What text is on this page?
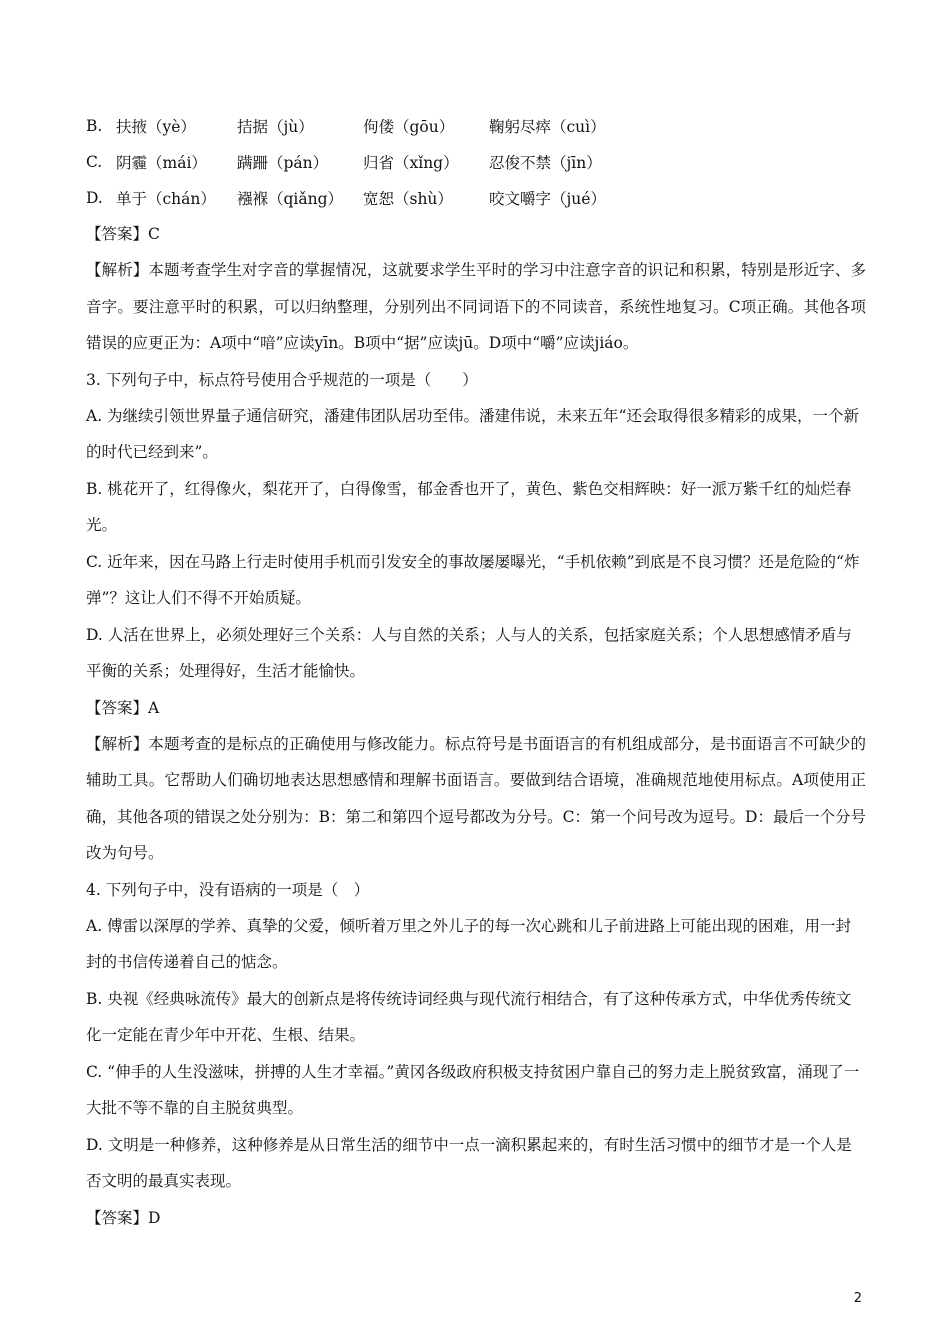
B. 扶掖（yè）	拮据（jù）	佝偻（gōu）	鞠躬尽瘁（cuì）
C. 阴霾（mái）	蹒跚（pán）	归省（xǐng）	忍俊不禁（jīn）
D. 单于（chán）	襁褓（qiǎng）	宽恕（shù）	咬文嚼字（jué）
【答案】C
【解析】本题考查学生对字音的掌握情况，这就要求学生平时的学习中注意字音的识记和积累，特别是形近字、多音字。要注意平时的积累，可以归纳整理，分别列出不同词语下的不同读音，系统性地复习。C项正确。其他各项错误的应更正为：A项中“喑”应读yīn。B项中“据”应读jū。D项中“嚼”应读jiáo。
3. 下列句子中，标点符号使用合乎规范的一项是（　　）
A. 为继续引领世界量子通信研究，潘建伟团队居功至伟。潘建伟说，未来五年“还会取得很多精彩的成果，一个新的时代已经到来”。
B. 桃花开了，红得像火，梨花开了，白得像雪，郁金香也开了，黄色、紫色交相辉映：好一派万紫千红的灿烂春光。
C. 近年来，因在马路上行走时使用手机而引发安全的事故屡屡曝光，“手机依赖”到底是不良习惯？还是危险的“炸弹”？这让人们不得不开始质疑。
D. 人活在世界上，必须处理好三个关系：人与自然的关系；人与人的关系，包括家庭关系；个人思想感情矛盾与平衡的关系；处理得好，生活才能愉快。
【答案】A
【解析】本题考查的是标点的正确使用与修改能力。标点符号是书面语言的有机组成部分，是书面语言不可缺少的辅助工具。它帮助人们确切地表达思想感情和理解书面语言。要做到结合语境，准确规范地使用标点。A项使用正确，其他各项的错误之处分别为：B：第二和第四个逗号都改为分号。C：第一个问号改为逗号。D：最后一个分号改为句号。
4. 下列句子中，没有语病的一项是（　）
A. 傅雷以深厚的学养、真挚的父爱，倾听着万里之外儿子的每一次心跳和儿子前进路上可能出现的困难，用一封封的书信传递着自己的惦念。
B. 央视《经典咏流传》最大的创新点是将传统诗词经典与现代流行相结合，有了这种传承方式，中华优秀传统文化一定能在青少年中开花、生根、结果。
C. “伸手的人生没滋味，拼搏的人生才幸福。”黄冈各级政府积极支持贫困户靠自己的努力走上脱贫致富，涌现了一大批不等不靠的自主脱贫典型。
D. 文明是一种修养，这种修养是从日常生活的细节中一点一滴积累起来的，有时生活习惯中的细节才是一个人是否文明的最真实表现。
【答案】D
2
